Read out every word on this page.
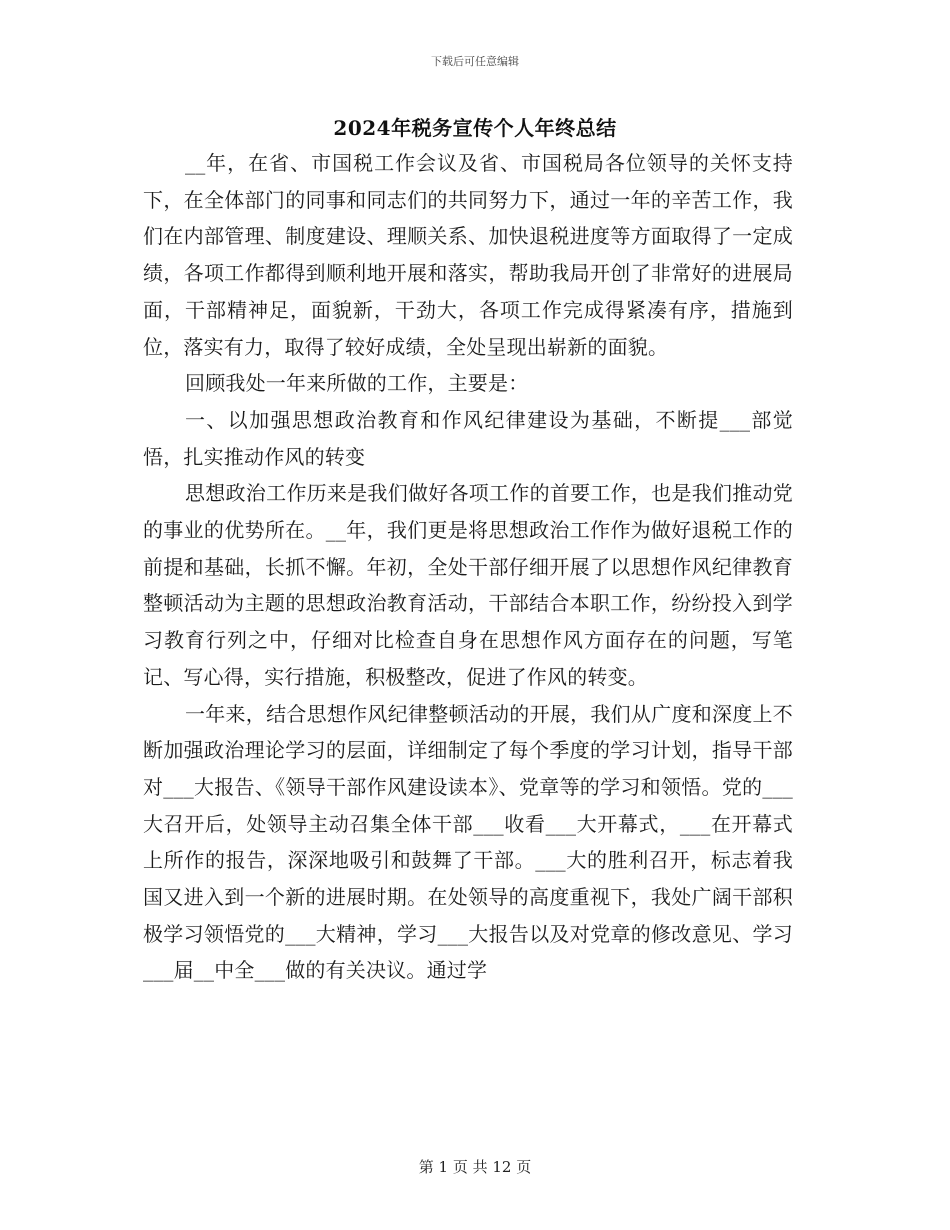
下载后可任意编辑
2024年税务宣传个人年终总结

__年，在省、市国税工作会议及省、市国税局各位领导的关怀支持下，在全体部门的同事和同志们的共同努力下，通过一年的辛苦工作，我们在内部管理、制度建设、理顺关系、加快退税进度等方面取得了一定成绩，各项工作都得到顺利地开展和落实，帮助我局开创了非常好的进展局面，干部精神足，面貌新，干劲大，各项工作完成得紧凑有序，措施到位，落实有力，取得了较好成绩，全处呈现出崭新的面貌。

回顾我处一年来所做的工作，主要是：

一、以加强思想政治教育和作风纪律建设为基础，不断提___部觉悟，扎实推动作风的转变

思想政治工作历来是我们做好各项工作的首要工作，也是我们推动党的事业的优势所在。__年，我们更是将思想政治工作作为做好退税工作的前提和基础，长抓不懈。年初，全处干部仔细开展了以思想作风纪律教育整顿活动为主题的思想政治教育活动，干部结合本职工作，纷纷投入到学习教育行列之中，仔细对比检查自身在思想作风方面存在的问题，写笔记、写心得，实行措施，积极整改，促进了作风的转变。

一年来，结合思想作风纪律整顿活动的开展，我们从广度和深度上不断加强政治理论学习的层面，详细制定了每个季度的学习计划，指导干部对___大报告、《领导干部作风建设读本》、党章等的学习和领悟。党的___大召开后，处领导主动召集全体干部___收看___大开幕式，___在开幕式上所作的报告，深深地吸引和鼓舞了干部。___大的胜利召开，标志着我国又进入到一个新的进展时期。在处领导的高度重视下，我处广阔干部积极学习领悟党的___大精神，学习___大报告以及对党章的修改意见、学习___届__中全___做的有关决议。通过学

第 1 页 共 12 页
